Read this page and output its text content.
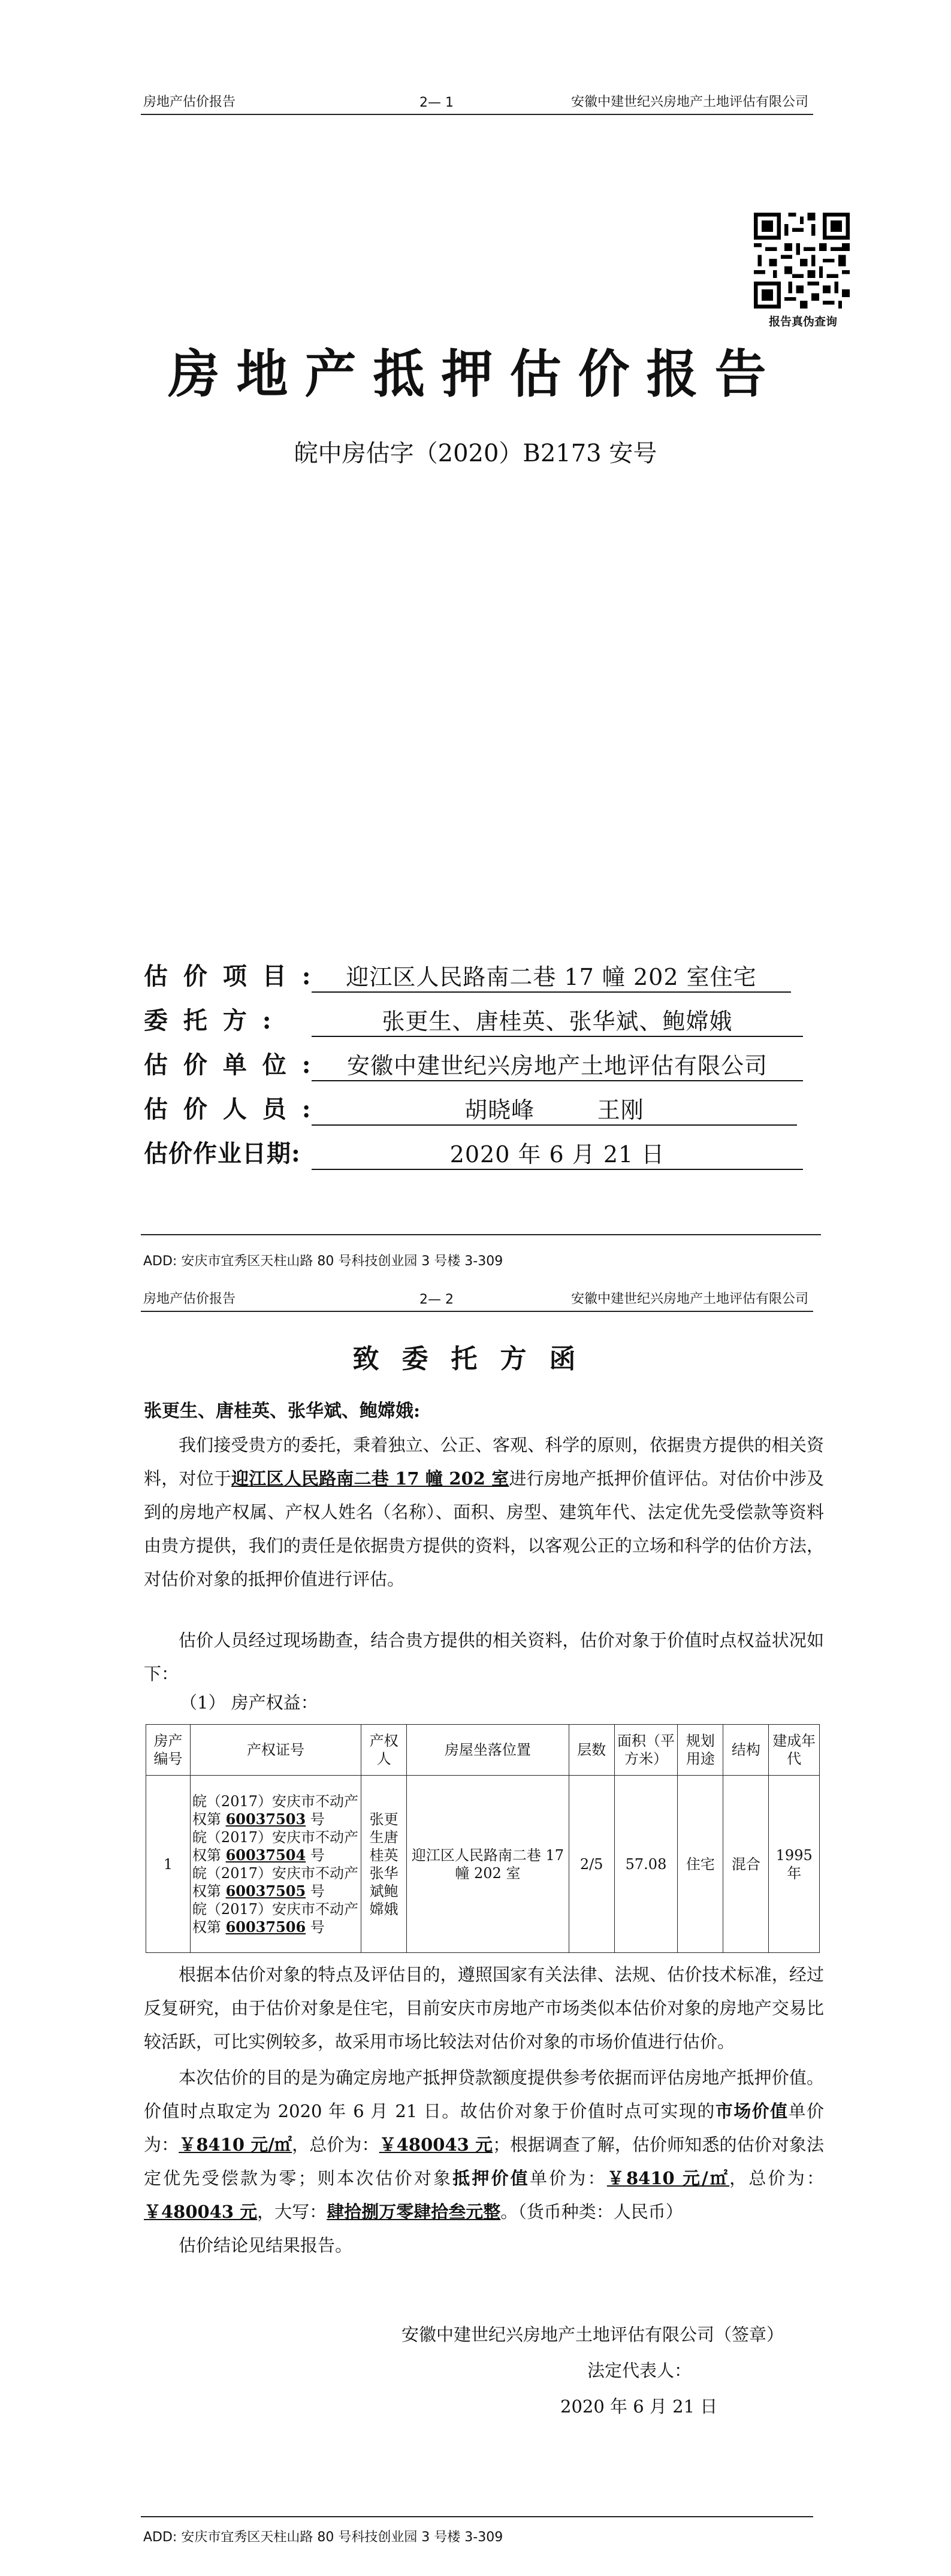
房地产估价报告	2— 1	安徽中建世纪兴房地产土地评估有限公司
报告真伪查询
房地产抵押估价报告
皖中房估字（2020）B2173 安号
估 价 项 目 :	迎江区人民路南二巷 17 幢 202 室住宅
委 托 方 :	张更生、唐桂英、张华斌、鲍嫦娥
估 价 单 位 :	安徽中建世纪兴房地产土地评估有限公司
估 价 人 员 :	胡晓峰        王刚
估价作业日期:	2020 年 6 月 21 日
ADD: 安庆市宜秀区天柱山路 80 号科技创业园 3 号楼 3-309
房地产估价报告	2— 2	安徽中建世纪兴房地产土地评估有限公司
致委托方函
张更生、唐桂英、张华斌、鲍嫦娥:
我们接受贵方的委托，秉着独立、公正、客观、科学的原则，依据贵方提供的相关资料，对位于迎江区人民路南二巷 17 幢 202 室进行房地产抵押价值评估。对估价中涉及到的房地产权属、产权人姓名（名称）、面积、房型、建筑年代、法定优先受偿款等资料由贵方提供，我们的责任是依据贵方提供的资料，以客观公正的立场和科学的估价方法，对估价对象的抵押价值进行评估。
估价人员经过现场勘查，结合贵方提供的相关资料，估价对象于价值时点权益状况如下：
（1） 房产权益：
房产编号	产权证号	产权人	房屋坐落位置	层数	面积（平方米）	规划用途	结构	建成年代
1	皖（2017）安庆市不动产权第 60037503 号
皖（2017）安庆市不动产权第 60037504 号
皖（2017）安庆市不动产权第 60037505 号
皖（2017）安庆市不动产权第 60037506 号	张更生唐桂英张华斌鲍嫦娥	迎江区人民路南二巷 17 幢 202 室	2/5	57.08	住宅	混合	1995 年
根据本估价对象的特点及评估目的，遵照国家有关法律、法规、估价技术标准，经过反复研究，由于估价对象是住宅，目前安庆市房地产市场类似本估价对象的房地产交易比较活跃，可比实例较多，故采用市场比较法对估价对象的市场价值进行估价。
本次估价的目的是为确定房地产抵押贷款额度提供参考依据而评估房地产抵押价值。价值时点取定为 2020 年 6 月 21 日。故估价对象于价值时点可实现的市场价值单价为：￥8410 元/㎡，总价为：￥480043 元；根据调查了解，估价师知悉的估价对象法定优先受偿款为零；则本次估价对象抵押价值单价为：￥8410 元/㎡，总价为：￥480043 元，大写：肆拾捌万零肆拾叁元整。（货币种类：人民币）
估价结论见结果报告。
安徽中建世纪兴房地产土地评估有限公司（签章）
法定代表人：
2020 年 6 月 21 日
ADD: 安庆市宜秀区天柱山路 80 号科技创业园 3 号楼 3-309
